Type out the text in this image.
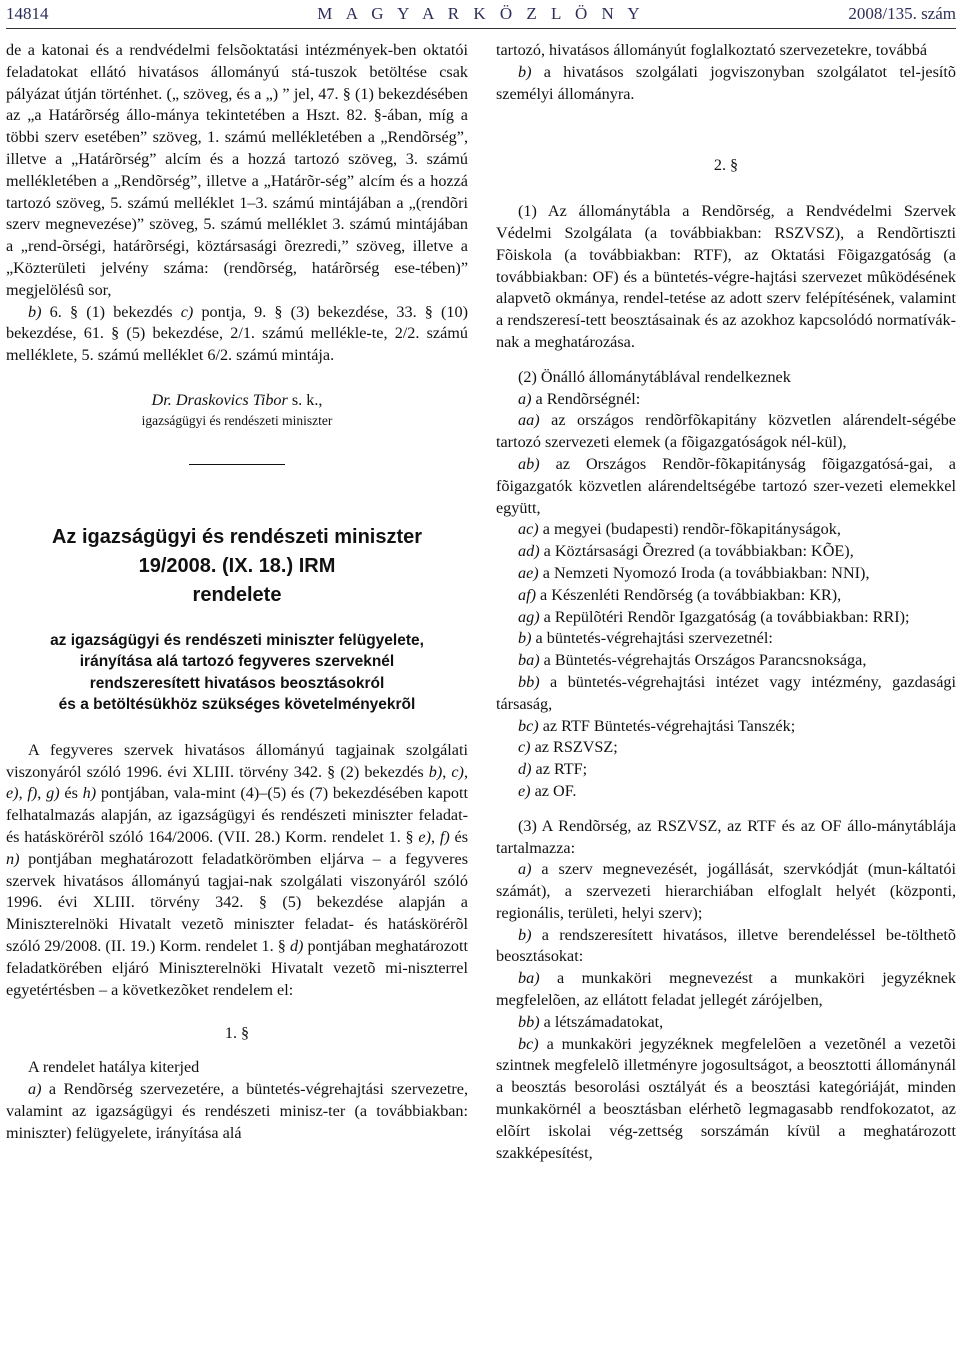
14814	M A G Y A R K Ö Z L Ö N Y	2008/135. szám

de a katonai és a rendvédelmi felsõoktatási intézmények-ben oktatói feladatokat ellátó hivatásos állományú stá-tuszok betöltése csak pályázat útján történhet. („ szöveg, és a „) ” jel, 47. § (1) bekezdésében az „a Határõrség állo-mánya tekintetében a Hszt. 82. §-ában, míg a többi szerv esetében” szöveg, 1. számú mellékletében a „Rendõrség”, illetve a „Határõrség” alcím és a hozzá tartozó szöveg, 3. számú mellékletében a „Rendõrség”, illetve a „Határõr-ség” alcím és a hozzá tartozó szöveg, 5. számú melléklet 1–3. számú mintájában a „(rendõri szerv megnevezése)” szöveg, 5. számú melléklet 3. számú mintájában a „rend-õrségi, határõrségi, köztársasági õrezredi,” szöveg, illetve a „Közterületi jelvény száma: (rendõrség, határõrség ese-tében)” megjelölésû sor,

b) 6. § (1) bekezdés c) pontja, 9. § (3) bekezdése, 33. § (10) bekezdése, 61. § (5) bekezdése, 2/1. számú mellékle-te, 2/2. számú melléklete, 5. számú melléklet 6/2. számú mintája.

Dr. Draskovics Tibor s. k.,

igazságügyi és rendészeti miniszter

Az igazságügyi és rendészeti miniszter
19/2008. (IX. 18.) IRM
rendelete
az igazságügyi és rendészeti miniszter felügyelete,
irányítása alá tartozó fegyveres szerveknél
rendszeresített hivatásos beosztásokról
és a betöltésükhöz szükséges követelményekrõl

A fegyveres szervek hivatásos állományú tagjainak szolgálati viszonyáról szóló 1996. évi XLIII. törvény 342. § (2) bekezdés b), c), e), f), g) és h) pontjában, vala-mint (4)–(5) és (7) bekezdésében kapott felhatalmazás alapján, az igazságügyi és rendészeti miniszter feladat- és hatáskörérõl szóló 164/2006. (VII. 28.) Korm. rendelet 1. § e), f) és n) pontjában meghatározott feladatkörömben eljárva – a fegyveres szervek hivatásos állományú tagjai-nak szolgálati viszonyáról szóló 1996. évi XLIII. törvény 342. § (5) bekezdése alapján a Miniszterelnöki Hivatalt vezetõ miniszter feladat- és hatáskörérõl szóló 29/2008. (II. 19.) Korm. rendelet 1. § d) pontjában meghatározott feladatkörében eljáró Miniszterelnöki Hivatalt vezetõ mi-niszterrel egyetértésben – a következõket rendelem el:

1. §

A rendelet hatálya kiterjed

a) a Rendõrség szervezetére, a büntetés-végrehajtási szervezetre, valamint az igazságügyi és rendészeti minisz-ter (a továbbiakban: miniszter) felügyelete, irányítása alá

tartozó, hivatásos állományút foglalkoztató szervezetekre, továbbá

b) a hivatásos szolgálati jogviszonyban szolgálatot tel-jesítõ személyi állományra.

2. §

(1) Az állománytábla a Rendõrség, a Rendvédelmi Szervek Védelmi Szolgálata (a továbbiakban: RSZVSZ), a Rendõrtiszti Fõiskola (a továbbiakban: RTF), az Oktatási Fõigazgatóság (a továbbiakban: OF) és a büntetés-végre-hajtási szervezet mûködésének alapvetõ okmánya, rendel-tetése az adott szerv felépítésének, valamint a rendszeresí-tett beosztásainak és az azokhoz kapcsolódó normatívák-nak a meghatározása.

(2) Önálló állománytáblával rendelkeznek

a) a Rendõrségnél:

aa) az országos rendõrfõkapitány közvetlen alárendelt-ségébe tartozó szervezeti elemek (a fõigazgatóságok nél-kül),

ab) az Országos Rendõr-fõkapitányság fõigazgatósá-gai, a fõigazgatók közvetlen alárendeltségébe tartozó szer-vezeti elemekkel együtt,

ac) a megyei (budapesti) rendõr-fõkapitányságok,

ad) a Köztársasági Õrezred (a továbbiakban: KÕE),

ae) a Nemzeti Nyomozó Iroda (a továbbiakban: NNI),

af) a Készenléti Rendõrség (a továbbiakban: KR),

ag) a Repülõtéri Rendõr Igazgatóság (a továbbiakban: RRI);

b) a büntetés-végrehajtási szervezetnél:

ba) a Büntetés-végrehajtás Országos Parancsnoksága,

bb) a büntetés-végrehajtási intézet vagy intézmény, gazdasági társaság,

bc) az RTF Büntetés-végrehajtási Tanszék;

c) az RSZVSZ;

d) az RTF;

e) az OF.

(3) A Rendõrség, az RSZVSZ, az RTF és az OF állo-mánytáblája tartalmazza:

a) a szerv megnevezését, jogállását, szervkódját (mun-káltatói számát), a szervezeti hierarchiában elfoglalt helyét (központi, regionális, területi, helyi szerv);

b) a rendszeresített hivatásos, illetve berendeléssel be-tölthetõ beosztásokat:

ba) a munkaköri megnevezést a munkaköri jegyzéknek megfelelõen, az ellátott feladat jellegét zárójelben,

bb) a létszámadatokat,

bc) a munkaköri jegyzéknek megfelelõen a vezetõnél a vezetõi szintnek megfelelõ illetményre jogosultságot, a beosztotti állománynál a beosztás besorolási osztályát és a beosztási kategóriáját, minden munkakörnél a beosztásban elérhetõ legmagasabb rendfokozatot, az elõírt iskolai vég-zettség sorszámán kívül a meghatározott szakképesítést,
